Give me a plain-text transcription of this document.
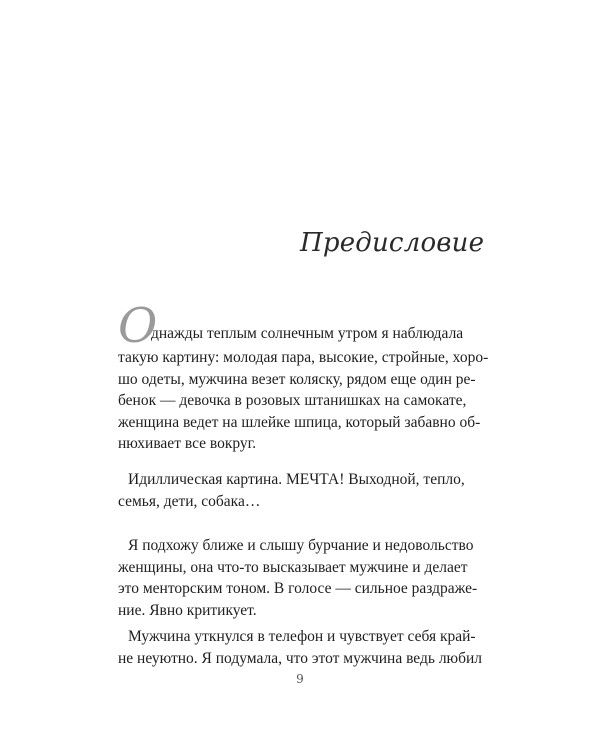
Предисловие
О
днажды теплым солнечным утром я наблюдала
такую картину: молодая пара, высокие, стройные, хоро-
шо одеты, мужчина везет коляску, рядом еще один ре-
бенок — девочка в розовых штанишках на самокате,
женщина ведет на шлейке шпица, который забавно об-
нюхивает все вокруг.
Идиллическая картина. МЕЧТА! Выходной, тепло,
семья, дети, собака…
Я подхожу ближе и слышу бурчание и недовольство
женщины, она что-то высказывает мужчине и делает
это менторским тоном. В голосе — сильное раздраже-
ние. Явно критикует.
Мужчина уткнулся в телефон и чувствует себя край-
не неуютно. Я подумала, что этот мужчина ведь любил
9
